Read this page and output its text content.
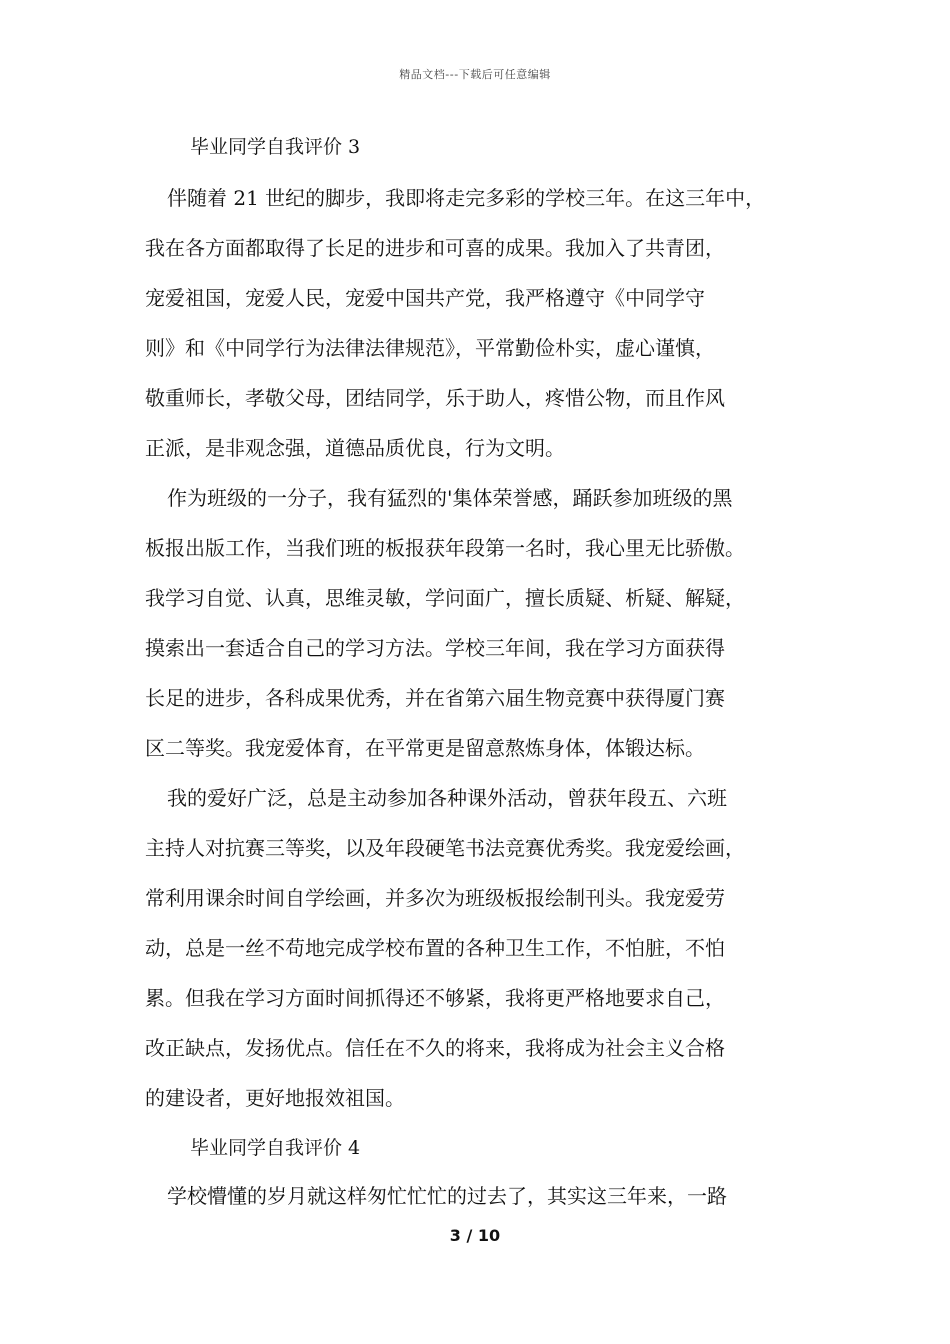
精品文档---下载后可任意编辑
毕业同学自我评价 3
伴随着 21 世纪的脚步，我即将走完多彩的学校三年。在这三年中，
我在各方面都取得了长足的进步和可喜的成果。我加入了共青团，
宠爱祖国，宠爱人民，宠爱中国共产党，我严格遵守《中同学守
则》和《中同学行为法律法律规范》，平常勤俭朴实，虚心谨慎，
敬重师长，孝敬父母，团结同学，乐于助人，疼惜公物，而且作风
正派，是非观念强，道德品质优良，行为文明。
作为班级的一分子，我有猛烈的'集体荣誉感，踊跃参加班级的黑
板报出版工作，当我们班的板报获年段第一名时，我心里无比骄傲。
我学习自觉、认真，思维灵敏，学问面广，擅长质疑、析疑、解疑，
摸索出一套适合自己的学习方法。学校三年间，我在学习方面获得
长足的进步，各科成果优秀，并在省第六届生物竞赛中获得厦门赛
区二等奖。我宠爱体育，在平常更是留意熬炼身体，体锻达标。
我的爱好广泛，总是主动参加各种课外活动，曾获年段五、六班
主持人对抗赛三等奖，以及年段硬笔书法竞赛优秀奖。我宠爱绘画，
常利用课余时间自学绘画，并多次为班级板报绘制刊头。我宠爱劳
动，总是一丝不苟地完成学校布置的各种卫生工作，不怕脏，不怕
累。但我在学习方面时间抓得还不够紧，我将更严格地要求自己，
改正缺点，发扬优点。信任在不久的将来，我将成为社会主义合格
的建设者，更好地报效祖国。
毕业同学自我评价 4
学校懵懂的岁月就这样匆忙忙忙的过去了，其实这三年来，一路
3 / 10
